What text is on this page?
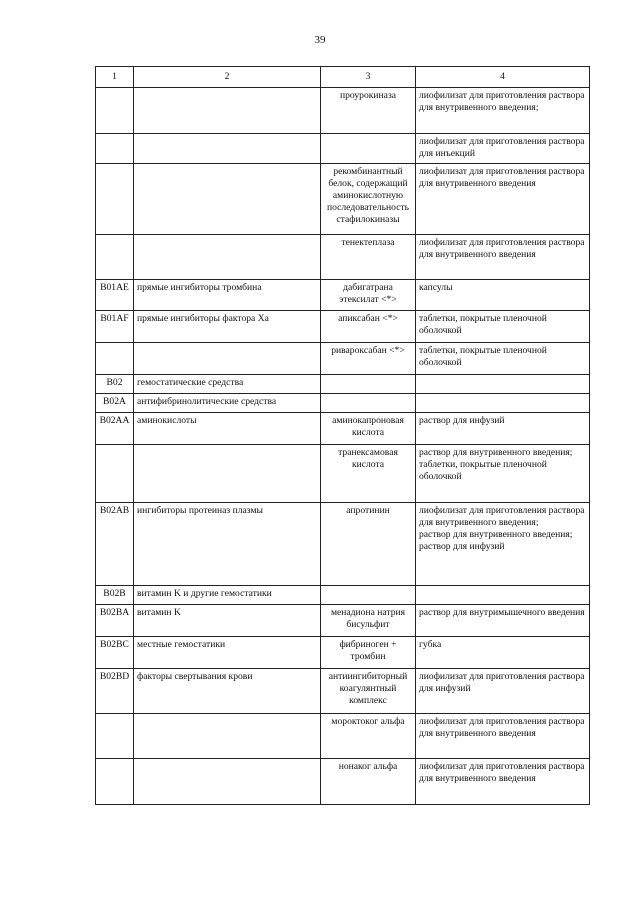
39
1	2	3	4
		проурокиназа	лиофилизат для приготовления раствора для внутривенного введения;

			лиофилизат для приготовления раствора для инъекций

		рекомбинантный белок, содержащий аминокислотную последовательность стафилокиназы	лиофилизат для приготовления раствора для внутривенного введения

		тенектеплаза	лиофилизат для приготовления раствора для внутривенного введения

B01AE	прямые ингибиторы тромбина	дабигатрана этексилат <*>	капсулы

B01AF	прямые ингибиторы фактора Xa	апиксабан <*>	таблетки, покрытые пленочной оболочкой

		ривароксабан <*>	таблетки, покрытые пленочной оболочкой

B02	гемостатические средства		

B02A	антифибринолитические средства		

B02AA	аминокислоты	аминокапроновая кислота	раствор для инфузий

		транексамовая кислота	раствор для внутривенного введения;
таблетки, покрытые пленочной оболочкой

B02AB	ингибиторы протеиназ плазмы	апротинин	лиофилизат для приготовления раствора для внутривенного введения;
раствор для внутривенного введения;
раствор для инфузий

B02B	витамин K и другие гемостатики		

B02BA	витамин K	менадиона натрия бисульфит	раствор для внутримышечного введения

B02BC	местные гемостатики	фибриноген + тромбин	губка

B02BD	факторы свертывания крови	антиингибиторный коагулянтный комплекс	лиофилизат для приготовления раствора для инфузий

		мороктоког альфа	лиофилизат для приготовления раствора для внутривенного введения

		нонаког альфа	лиофилизат для приготовления раствора для внутривенного введения
